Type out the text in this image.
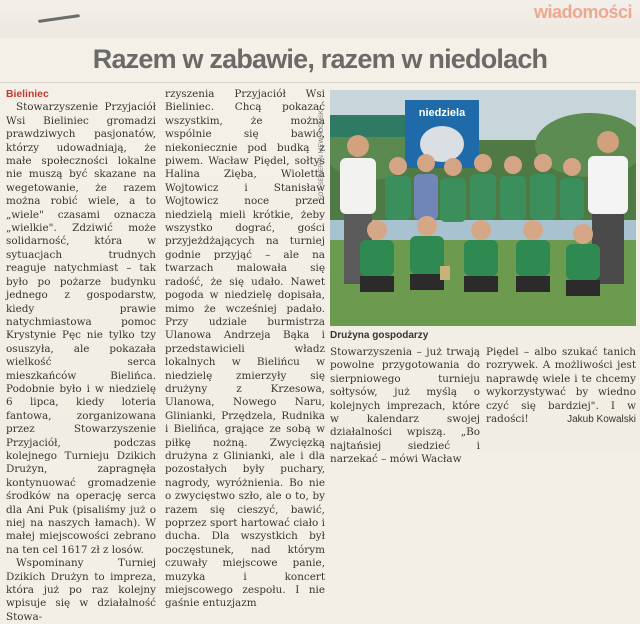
wiadomości
Razem w zabawie, razem w niedolach
Bieliniec

Stowarzyszenie Przyjaciół Wsi Bieliniec gromadzi prawdziwych pasjonatów, którzy udowadniają, że małe społeczności lokalne nie muszą być skazane na wegetowanie, że razem można robić wiele, a to „wiele" czasami oznacza „wielkie". Zdziwić może solidarność, która w sytuacjach trudnych reaguje natychmiast – tak było po pożarze budynku jednego z gospodarstw, kiedy prawie natychmiastowa pomoc Krystynie Pęc nie tylko tzy osuszyła, ale pokazała wielkość serca mieszkańców Bielińca. Podobnie było i w niedzielę 6 lipca, kiedy loteria fantowa, zorganizowana przez Stowarzyszenie Przyjaciół, podczas kolejnego Turnieju Dzikich Drużyn, zapragnęła kontynuować gromadzenie środków na operację serca dla Ani Puk (pisaliśmy już o niej na naszych łamach). W małej miejscowości zebrano na ten cel 1617 zł z losów.

Wspominany Turniej Dzikich Drużyn to impreza, która już po raz kolejny wpisuje się w działalność Stowa-

rzyszenia Przyjaciół Wsi Bieliniec. Chcą pokazać wszystkim, że można wspólnie się bawić, niekoniecznie pod budką z piwem. Wacław Piędel, sołtys Halina Zięba, Wioletta Wojtowicz i Stanisław Wojtowicz noce przed niedzielą mieli krótkie, żeby wszystko dograć, gości przyjeżdżających na turniej godnie przyjąć – ale na twarzach malowała się radość, że się udało. Nawet pogoda w niedzielę dopisała, mimo że wcześniej padało. Przy udziale burmistrza Ulanowa Andrzeja Bąka i przedstawicieli władz lokalnych w Bielińcu w niedzielę zmierzyły się drużyny z Krzesowa, Ulanowa, Nowego Naru, Glinianki, Przędzela, Rudnika i Bielińca, grające ze sobą w piłkę nożną. Zwycięzką drużyna z Glinianki, ale i dla pozostałych były puchary, nagrody, wyróżnienia. Bo nie o zwycięstwo szło, ale o to, by razem się cieszyć, bawić, poprzez sport hartować ciało i ducha. Dla wszystkich był poczęstunek, nad którym czuwały miejscowe panie, muzyka i koncert miejscowego zespołu. I nie gaśnie entuzjazm

FOT. SEWERYN NIEWIADOMSKI	niedziela
Drużyna gospodarzy

Stowarzyszenia – już trwają powolne przygotowania do sierpniowego turnieju sołtysów, już myślą o kolejnych imprezach, które w kalendarz swojej działalności wpiszą. „Bo najtańsiej siedzieć i narzekać – mówi Wacław

Piędel – albo szukać tanich rozrywek. A możliwości jest naprawdę wiele i te chcemy wykorzystywać by wiedno czyć się bardziej". I w radości!	Jakub Kowalski
